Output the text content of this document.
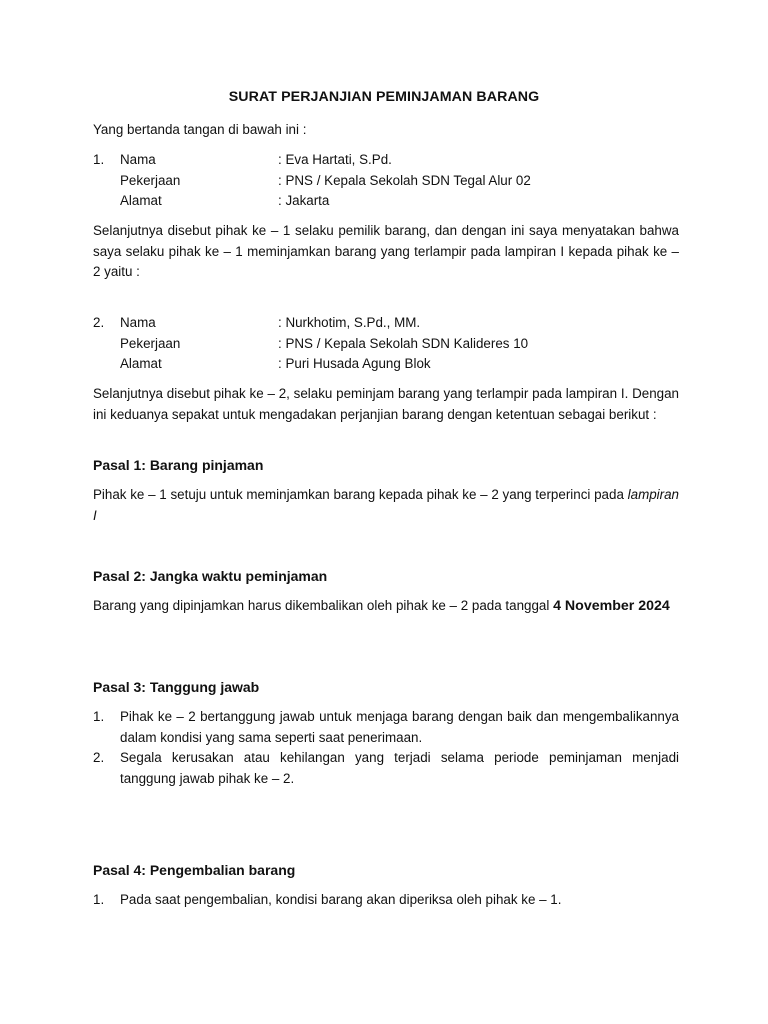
SURAT PERJANJIAN PEMINJAMAN BARANG
Yang bertanda tangan di bawah ini :
1. Nama	: Eva Hartati, S.Pd.
Pekerjaan	: PNS / Kepala Sekolah SDN Tegal Alur 02
Alamat	: Jakarta
Selanjutnya disebut pihak ke – 1 selaku pemilik barang, dan dengan ini saya menyatakan bahwa saya selaku pihak ke – 1 meminjamkan barang yang terlampir pada lampiran I kepada pihak ke – 2 yaitu :
2. Nama	: Nurkhotim, S.Pd., MM.
Pekerjaan	: PNS / Kepala Sekolah SDN Kalideres 10
Alamat	: Puri Husada Agung Blok
Selanjutnya disebut pihak ke – 2, selaku peminjam barang yang terlampir pada lampiran I. Dengan ini keduanya sepakat untuk mengadakan perjanjian barang dengan ketentuan sebagai berikut :
Pasal 1: Barang pinjaman
Pihak ke – 1 setuju untuk meminjamkan barang kepada pihak ke – 2 yang terperinci pada lampiran I
Pasal 2: Jangka waktu peminjaman
Barang yang dipinjamkan harus dikembalikan oleh pihak ke – 2 pada tanggal 4 November 2024
Pasal 3: Tanggung jawab
1. Pihak ke – 2 bertanggung jawab untuk menjaga barang dengan baik dan mengembalikannya dalam kondisi yang sama seperti saat penerimaan.
2. Segala kerusakan atau kehilangan yang terjadi selama periode peminjaman menjadi tanggung jawab pihak ke – 2.
Pasal 4: Pengembalian barang
1. Pada saat pengembalian, kondisi barang akan diperiksa oleh pihak ke – 1.
